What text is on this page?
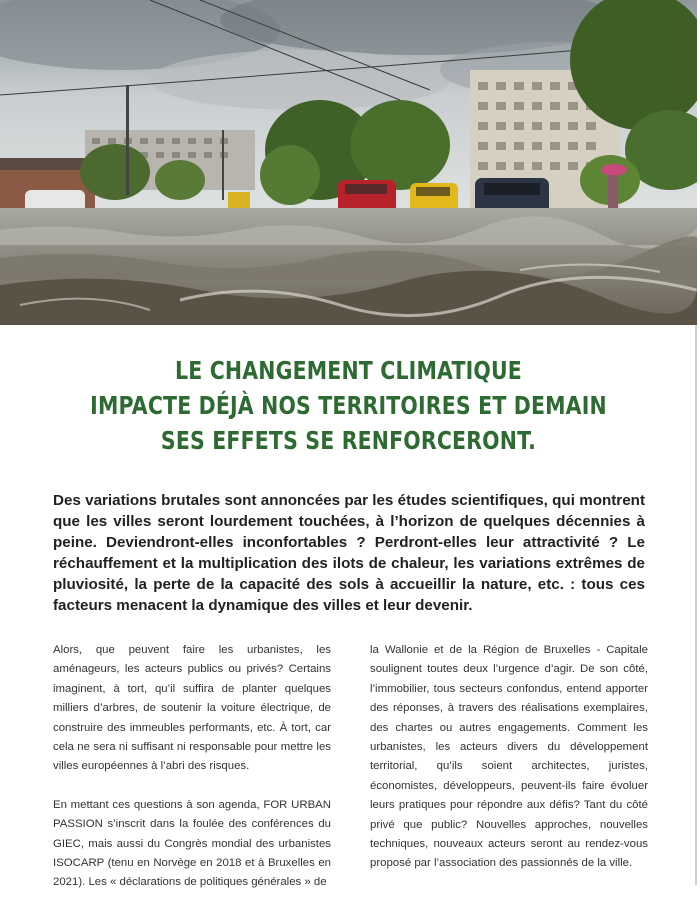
LE CHANGEMENT CLIMATIQUE
IMPACTE DÉJÀ NOS TERRITOIRES ET DEMAIN
SES EFFETS SE RENFORCERONT.
Des variations brutales sont annoncées par les études scientifiques, qui montrent que les villes seront lourdement touchées, à l’horizon de quelques décennies à peine. Deviendront-elles inconfortables ? Perdront-elles leur attractivité ? Le réchauffement et la multiplication des ilots de chaleur, les variations extrêmes de pluviosité, la perte de la capacité des sols à accueillir la nature, etc. : tous ces facteurs menacent la dynamique des villes et leur devenir.

Alors, que peuvent faire les urbanistes, les aménageurs, les acteurs publics ou privés? Certains imaginent, à tort, qu’il suffira de planter quelques milliers d’arbres, de soutenir la voiture électrique, de construire des immeubles performants, etc. À tort, car cela ne sera ni suffisant ni responsable pour mettre les villes européennes à l’abri des risques.

En mettant ces questions à son agenda, FOR URBAN PASSION s’inscrit dans la foulée des conférences du GIEC, mais aussi du Congrès mondial des urbanistes ISOCARP (tenu en Norvège en 2018 et à Bruxelles en 2021). Les « déclarations de politiques générales » de

la Wallonie et de la Région de Bruxelles - Capitale soulignent toutes deux l’urgence d’agir. De son côté, l’immobilier, tous secteurs confondus, entend apporter des réponses, à travers des réalisations exemplaires, des chartes ou autres engagements. Comment les urbanistes, les acteurs divers du développement territorial, qu’ils soient architectes, juristes, économistes, développeurs, peuvent-ils faire évoluer leurs pratiques pour répondre aux défis? Tant du côté privé que public? Nouvelles approches, nouvelles techniques, nouveaux acteurs seront au rendez-vous proposé par l’association des passionnés de la ville.
